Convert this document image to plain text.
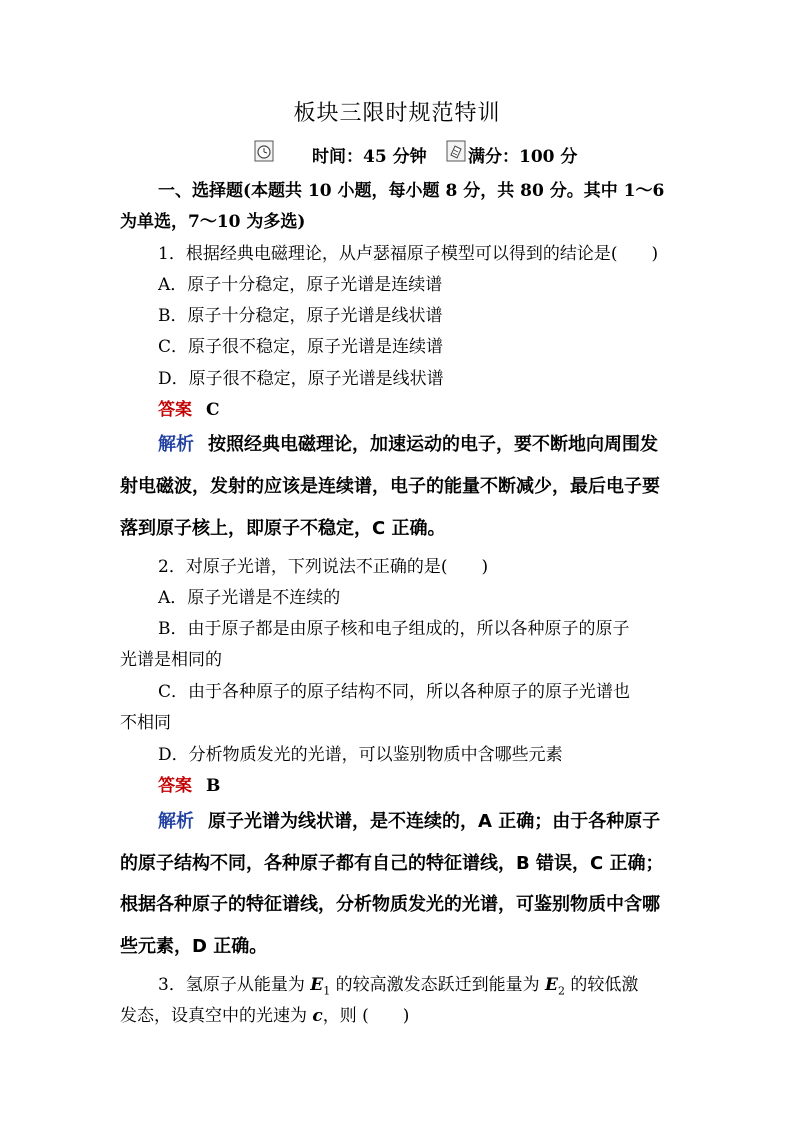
板块三限时规范特训
时间：45 分钟 满分：100 分
一、选择题(本题共 10 小题，每小题 8 分，共 80 分。其中 1～6
为单选，7～10 为多选)
1．根据经典电磁理论，从卢瑟福原子模型可以得到的结论是(　　)
A．原子十分稳定，原子光谱是连续谱
B．原子十分稳定，原子光谱是线状谱
C．原子很不稳定，原子光谱是连续谱
D．原子很不稳定，原子光谱是线状谱
答案 C
解析 按照经典电磁理论，加速运动的电子，要不断地向周围发
射电磁波，发射的应该是连续谱，电子的能量不断减少，最后电子要
落到原子核上，即原子不稳定，C 正确。
2．对原子光谱，下列说法不正确的是(　　)
A．原子光谱是不连续的
B．由于原子都是由原子核和电子组成的，所以各种原子的原子
光谱是相同的
C．由于各种原子的原子结构不同，所以各种原子的原子光谱也
不相同
D．分析物质发光的光谱，可以鉴别物质中含哪些元素
答案 B
解析 原子光谱为线状谱，是不连续的，A 正确；由于各种原子
的原子结构不同，各种原子都有自己的特征谱线，B 错误，C 正确；
根据各种原子的特征谱线，分析物质发光的光谱，可鉴别物质中含哪
些元素，D 正确。
3．氢原子从能量为 $E_1$ 的较高激发态跃迁到能量为 $E_2$ 的较低激
发态，设真空中的光速为 c，则 (　　)
